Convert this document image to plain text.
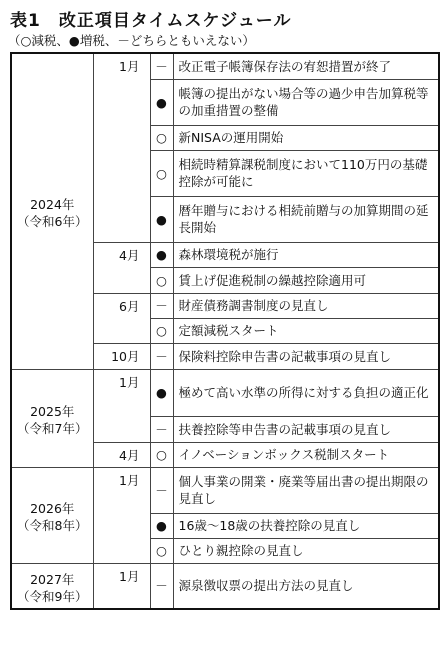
表1　改正項目タイムスケジュール
（○減税、●増税、－どちらともいえない）
2024年
（令和6年）	1月	－	改正電子帳簿保存法の宥恕措置が終了
		●	帳簿の提出がない場合等の過少申告加算税等の加重措置の整備
		○	新NISAの運用開始
		○	相続時精算課税制度において110万円の基礎控除が可能に
		●	暦年贈与における相続前贈与の加算期間の延長開始
	4月	●	森林環境税が施行
		○	賃上げ促進税制の繰越控除適用可
	6月	－	財産債務調書制度の見直し
		○	定額減税スタート
	10月	－	保険料控除申告書の記載事項の見直し

2025年
（令和7年）	1月	●	極めて高い水準の所得に対する負担の適正化
		－	扶養控除等申告書の記載事項の見直し
	4月	○	イノベーションボックス税制スタート

2026年
（令和8年）	1月	－	個人事業の開業・廃業等届出書の提出期限の見直し
		●	16歳～18歳の扶養控除の見直し
		○	ひとり親控除の見直し

2027年
（令和9年）	1月	－	源泉徴収票の提出方法の見直し
